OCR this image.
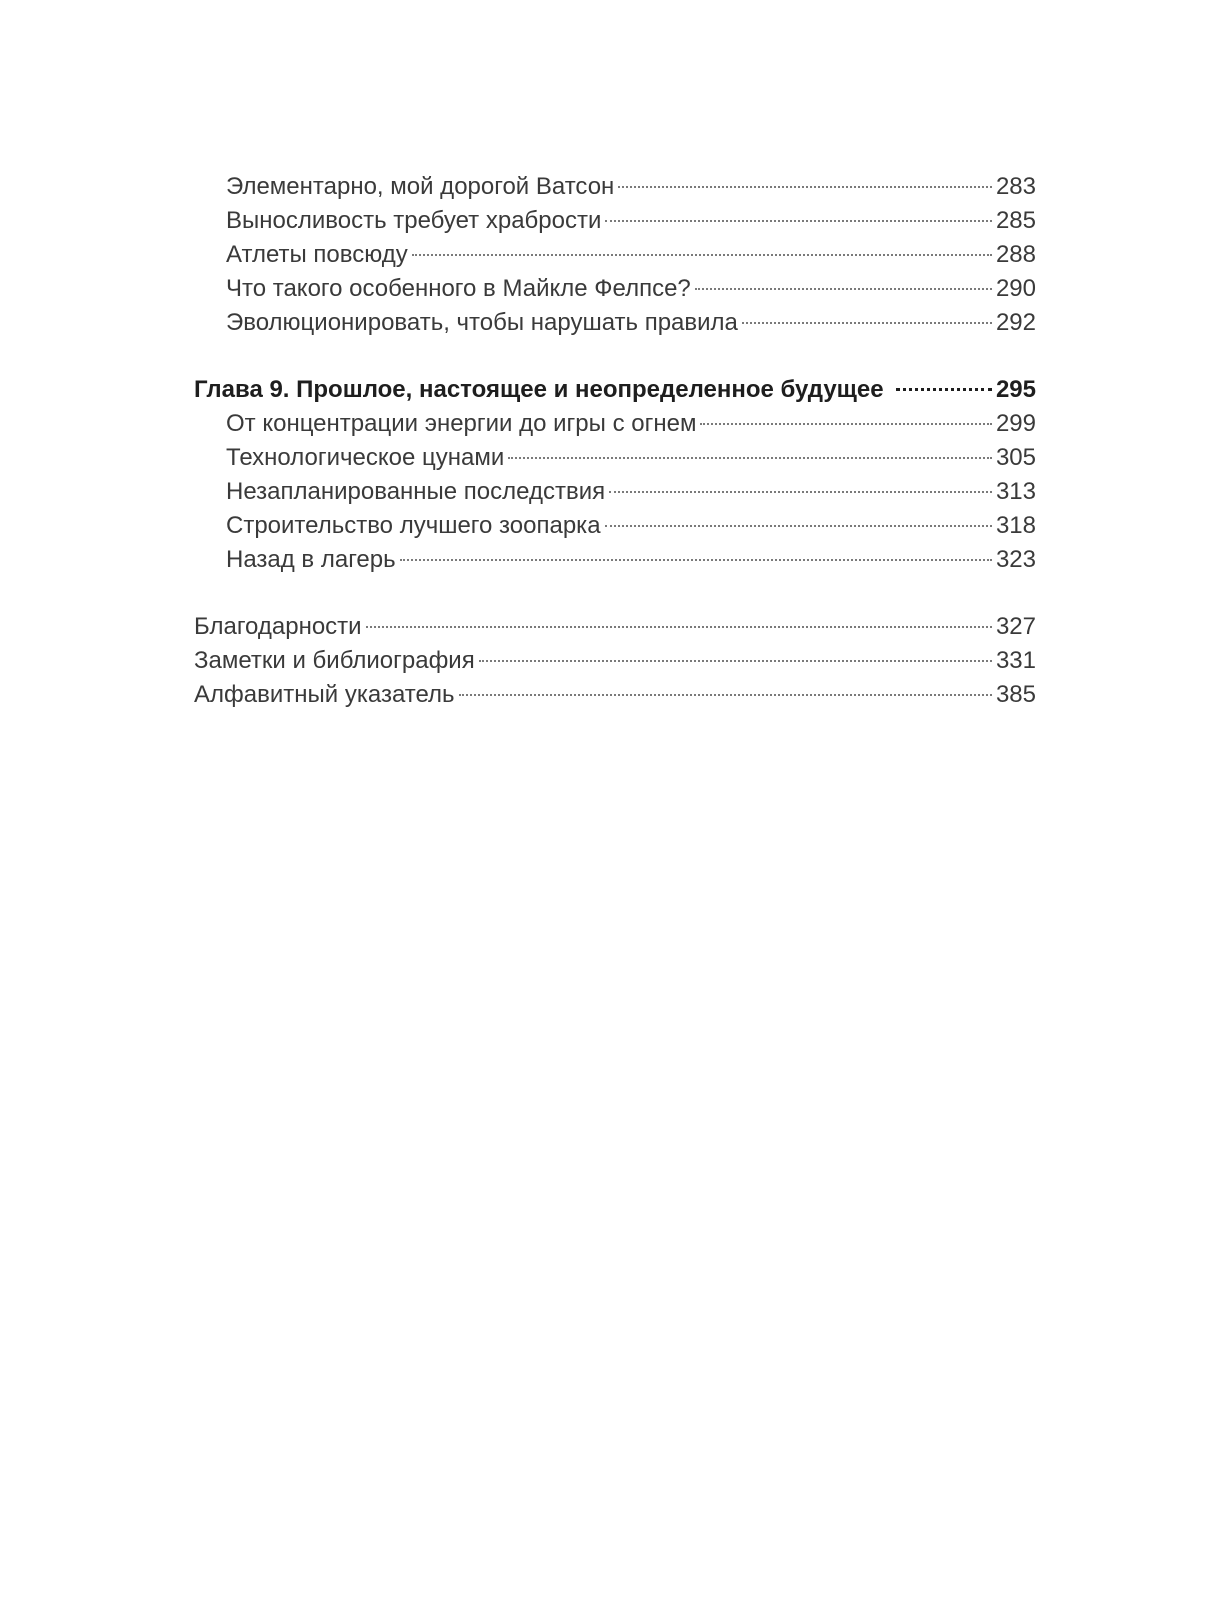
Элементарно, мой дорогой Ватсон	283
Выносливость требует храбрости	285
Атлеты повсюду	288
Что такого особенного в Майкле Фелпсе?	290
Эволюционировать, чтобы нарушать правила	292
Глава 9. Прошлое, настоящее и неопределенное будущее	295
От концентрации энергии до игры с огнем	299
Технологическое цунами	305
Незапланированные последствия	313
Строительство лучшего зоопарка	318
Назад в лагерь	323
Благодарности	327
Заметки и библиография	331
Алфавитный указатель	385
